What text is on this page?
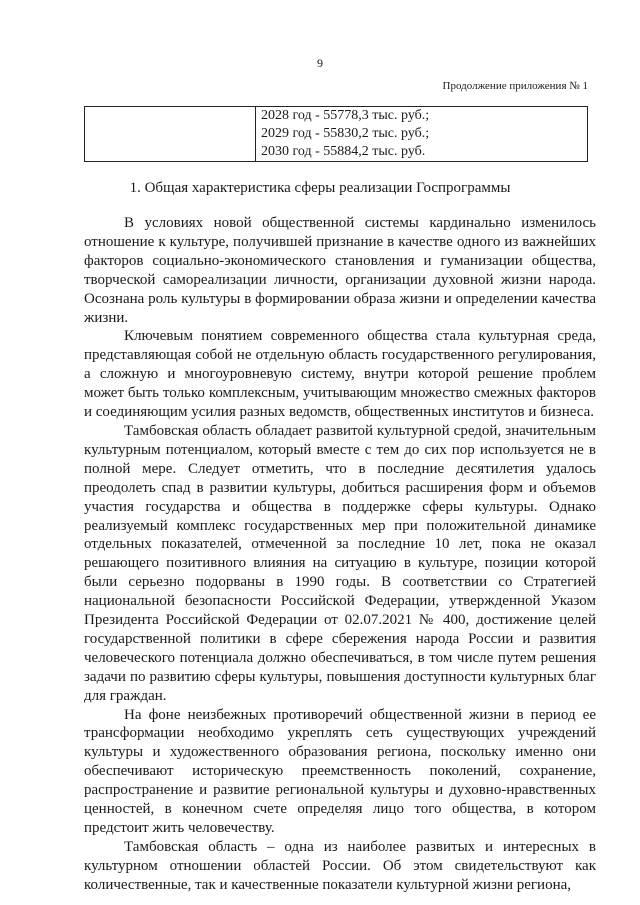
9
Продолжение приложения № 1

2028 год - 55778,3 тыс. руб.;
2029 год - 55830,2 тыс. руб.;
2030 год - 55884,2 тыс. руб.
1. Общая характеристика сферы реализации Госпрограммы

В условиях новой общественной системы кардинально изменилось отношение к культуре, получившей признание в качестве одного из важнейших факторов социально-экономического становления и гуманизации общества, творческой самореализации личности, организации духовной жизни народа. Осознана роль культуры в формировании образа жизни и определении качества жизни.

Ключевым понятием современного общества стала культурная среда, представляющая собой не отдельную область государственного регулирования, а сложную и многоуровневую систему, внутри которой решение проблем может быть только комплексным, учитывающим множество смежных факторов и соединяющим усилия разных ведомств, общественных институтов и бизнеса.

Тамбовская область обладает развитой культурной средой, значительным культурным потенциалом, который вместе с тем до сих пор используется не в полной мере. Следует отметить, что в последние десятилетия удалось преодолеть спад в развитии культуры, добиться расширения форм и объемов участия государства и общества в поддержке сферы культуры. Однако реализуемый комплекс государственных мер при положительной динамике отдельных показателей, отмеченной за последние 10 лет, пока не оказал решающего позитивного влияния на ситуацию в культуре, позиции которой были серьезно подорваны в 1990 годы. В соответствии со Стратегией национальной безопасности Российской Федерации, утвержденной Указом Президента Российской Федерации от 02.07.2021 № 400, достижение целей государственной политики в сфере сбережения народа России и развития человеческого потенциала должно обеспечиваться, в том числе путем решения задачи по развитию сферы культуры, повышения доступности культурных благ для граждан.

На фоне неизбежных противоречий общественной жизни в период ее трансформации необходимо укреплять сеть существующих учреждений культуры и художественного образования региона, поскольку именно они обеспечивают историческую преемственность поколений, сохранение, распространение и развитие региональной культуры и духовно-нравственных ценностей, в конечном счете определяя лицо того общества, в котором предстоит жить человечеству.

Тамбовская область – одна из наиболее развитых и интересных в культурном отношении областей России. Об этом свидетельствуют как количественные, так и качественные показатели культурной жизни региона,
